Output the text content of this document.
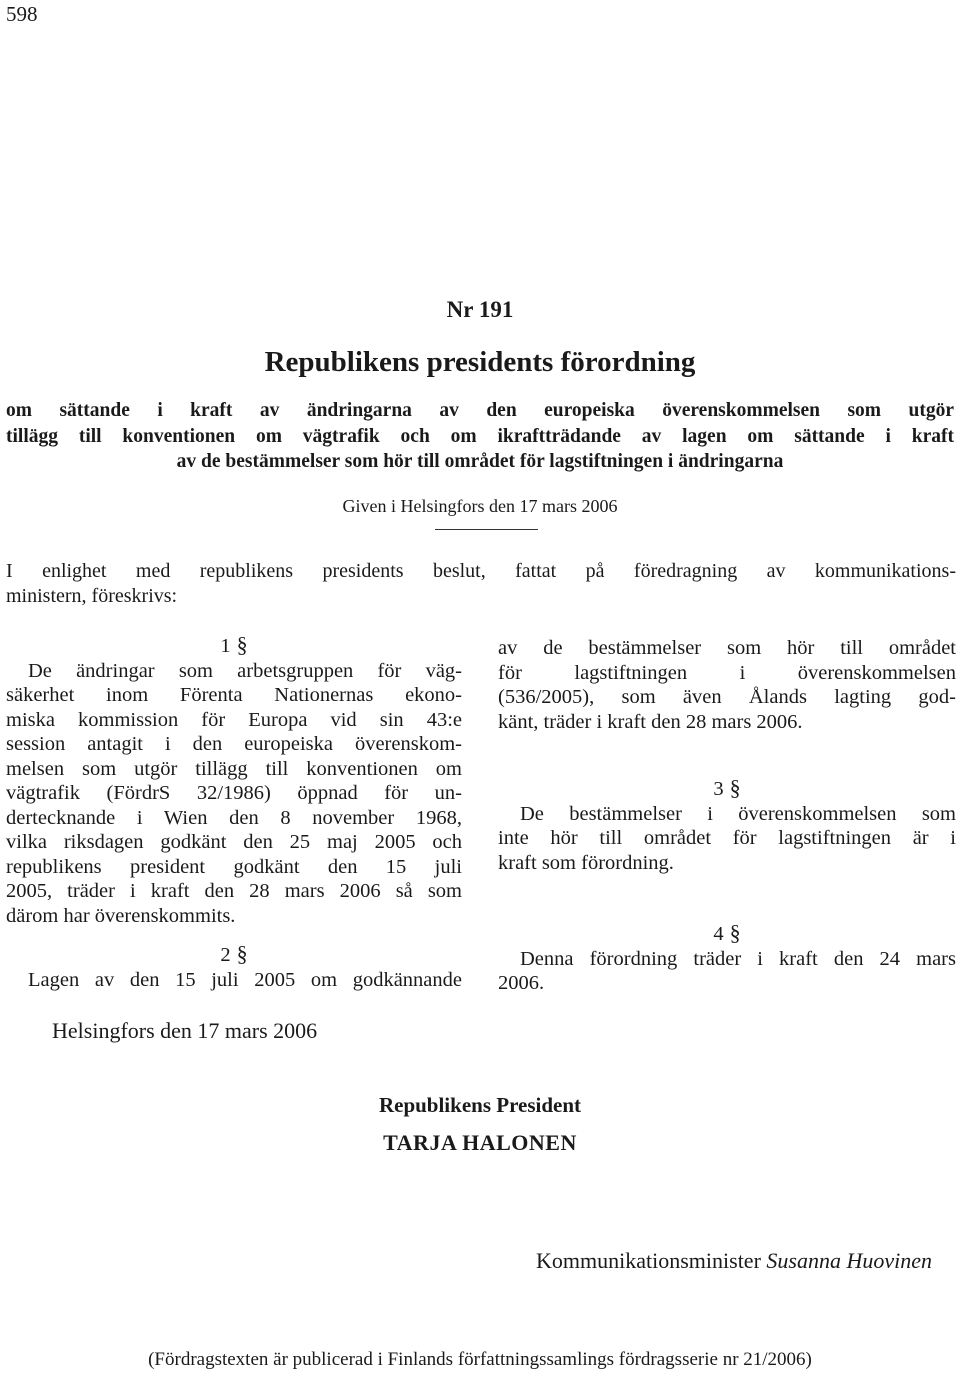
598
Nr 191
Republikens presidents förordning
om sättande i kraft av ändringarna av den europeiska överenskommelsen som utgör
tillägg till konventionen om vägtrafik och om ikraftträdande av lagen om sättande i kraft
av de bestämmelser som hör till området för lagstiftningen i ändringarna
Given i Helsingfors den 17 mars 2006
I enlighet med republikens presidents beslut, fattat på föredragning av kommunikations-
ministern, föreskrivs:
1 §
De ändringar som arbetsgruppen för väg-
säkerhet inom Förenta Nationernas ekono-
miska kommission för Europa vid sin 43:e
session antagit i den europeiska överenskom-
melsen som utgör tillägg till konventionen om
vägtrafik (FördrS 32/1986) öppnad för un-
dertecknande i Wien den 8 november 1968,
vilka riksdagen godkänt den 25 maj 2005 och
republikens president godkänt den 15 juli
2005, träder i kraft den 28 mars 2006 så som
därom har överenskommits.
2 §
Lagen av den 15 juli 2005 om godkännande
av de bestämmelser som hör till området
för lagstiftningen i överenskommelsen
(536/2005), som även Ålands lagting god-
känt, träder i kraft den 28 mars 2006.
3 §
De bestämmelser i överenskommelsen som
inte hör till området för lagstiftningen är i
kraft som förordning.
4 §
Denna förordning träder i kraft den 24 mars
2006.
Helsingfors den 17 mars 2006
Republikens President
TARJA HALONEN
Kommunikationsminister Susanna Huovinen
(Fördragstexten är publicerad i Finlands författningssamlings fördragsserie nr 21/2006)
